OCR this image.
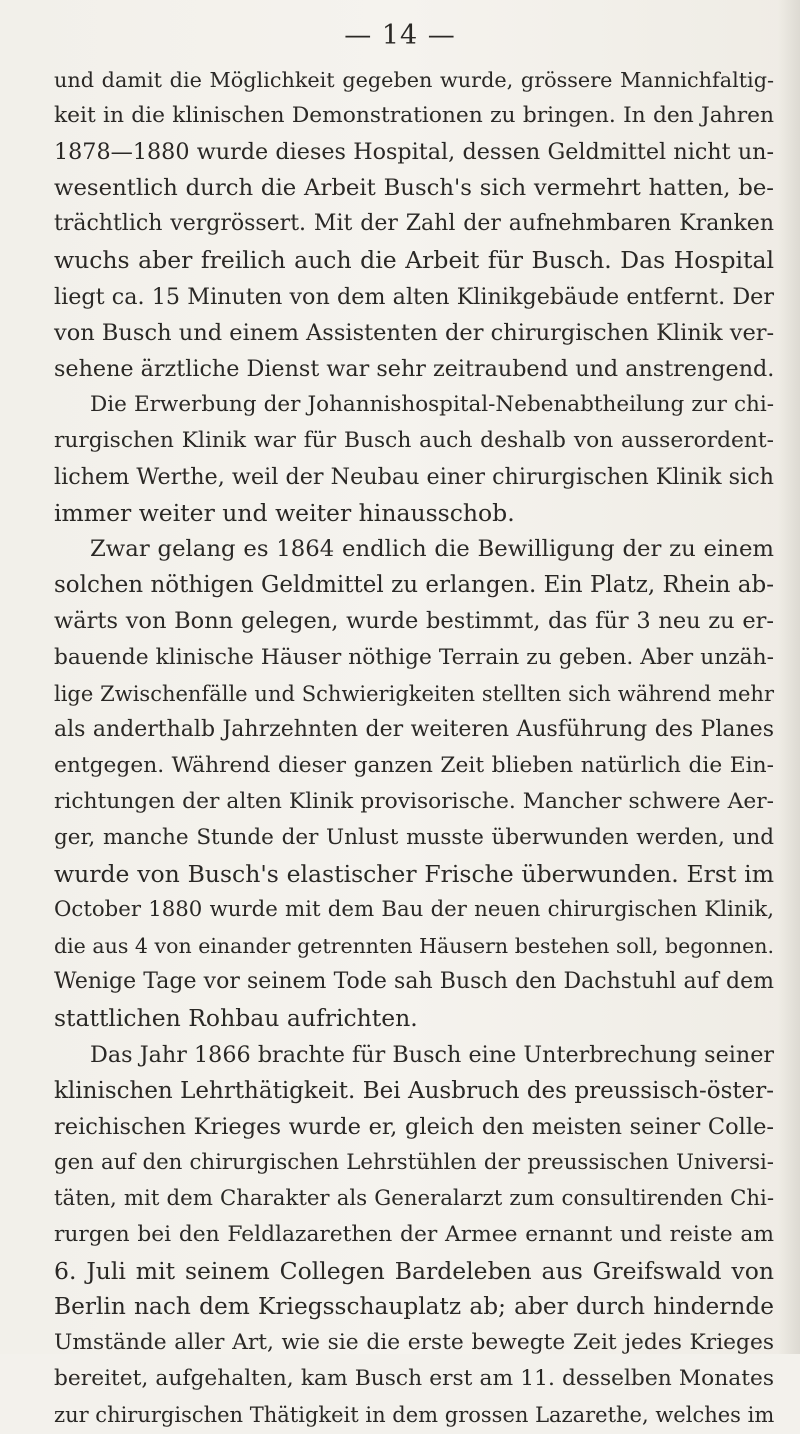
— 14 —
und damit die Möglichkeit gegeben wurde, grössere Mannichfaltig-
keit in die klinischen Demonstrationen zu bringen. In den Jahren
1878—1880 wurde dieses Hospital, dessen Geldmittel nicht un-
wesentlich durch die Arbeit Busch's sich vermehrt hatten, be-
trächtlich vergrössert. Mit der Zahl der aufnehmbaren Kranken
wuchs aber freilich auch die Arbeit für Busch. Das Hospital
liegt ca. 15 Minuten von dem alten Klinikgebäude entfernt. Der
von Busch und einem Assistenten der chirurgischen Klinik ver-
sehene ärztliche Dienst war sehr zeitraubend und anstrengend.
Die Erwerbung der Johannishospital-Nebenabtheilung zur chi-
rurgischen Klinik war für Busch auch deshalb von ausserordent-
lichem Werthe, weil der Neubau einer chirurgischen Klinik sich
immer weiter und weiter hinausschob.
Zwar gelang es 1864 endlich die Bewilligung der zu einem
solchen nöthigen Geldmittel zu erlangen. Ein Platz, Rhein ab-
wärts von Bonn gelegen, wurde bestimmt, das für 3 neu zu er-
bauende klinische Häuser nöthige Terrain zu geben. Aber unzäh-
lige Zwischenfälle und Schwierigkeiten stellten sich während mehr
als anderthalb Jahrzehnten der weiteren Ausführung des Planes
entgegen. Während dieser ganzen Zeit blieben natürlich die Ein-
richtungen der alten Klinik provisorische. Mancher schwere Aer-
ger, manche Stunde der Unlust musste überwunden werden, und
wurde von Busch's elastischer Frische überwunden. Erst im
October 1880 wurde mit dem Bau der neuen chirurgischen Klinik,
die aus 4 von einander getrennten Häusern bestehen soll, begonnen.
Wenige Tage vor seinem Tode sah Busch den Dachstuhl auf dem
stattlichen Rohbau aufrichten.
Das Jahr 1866 brachte für Busch eine Unterbrechung seiner
klinischen Lehrthätigkeit. Bei Ausbruch des preussisch-öster-
reichischen Krieges wurde er, gleich den meisten seiner Colle-
gen auf den chirurgischen Lehrstühlen der preussischen Universi-
täten, mit dem Charakter als Generalarzt zum consultirenden Chi-
rurgen bei den Feldlazarethen der Armee ernannt und reiste am
6. Juli mit seinem Collegen Bardeleben aus Greifswald von
Berlin nach dem Kriegsschauplatz ab; aber durch hindernde
Umstände aller Art, wie sie die erste bewegte Zeit jedes Krieges
bereitet, aufgehalten, kam Busch erst am 11. desselben Monates
zur chirurgischen Thätigkeit in dem grossen Lazarethe, welches im
